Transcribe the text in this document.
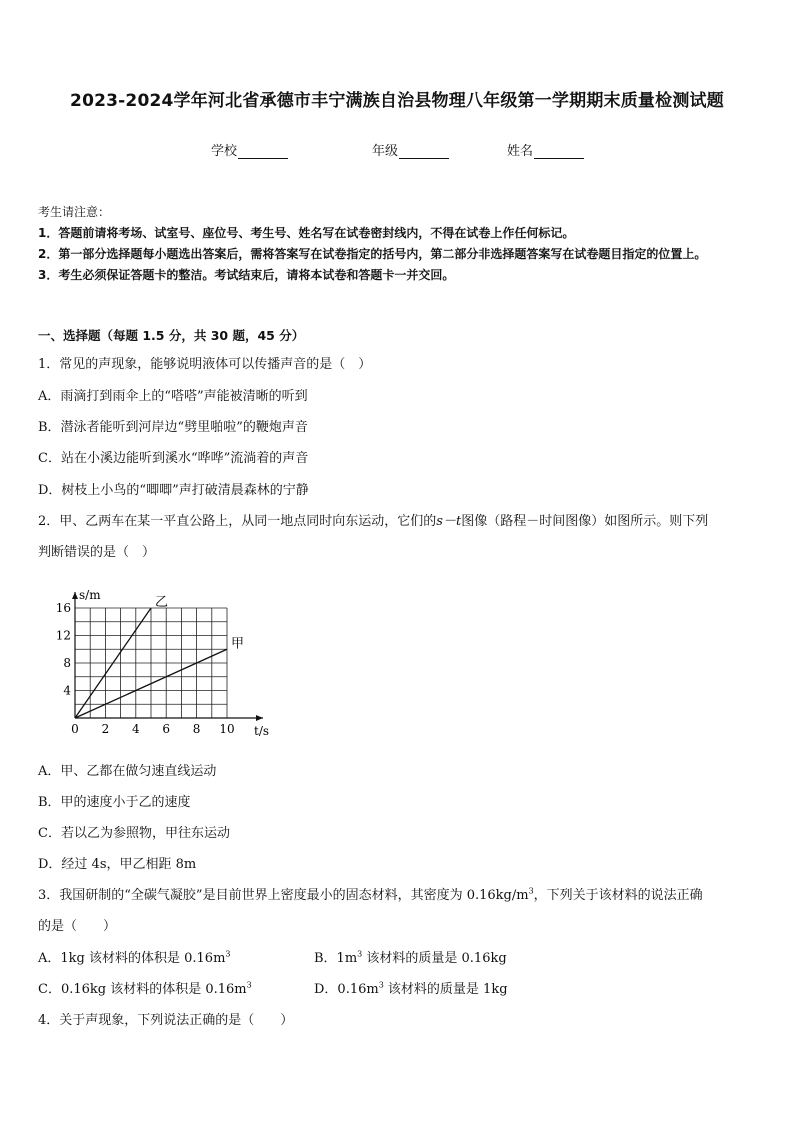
2023-2024学年河北省承德市丰宁满族自治县物理八年级第一学期期末质量检测试题
学校	年级	姓名
考生请注意：
1．答题前请将考场、试室号、座位号、考生号、姓名写在试卷密封线内，不得在试卷上作任何标记。
2．第一部分选择题每小题选出答案后，需将答案写在试卷指定的括号内，第二部分非选择题答案写在试卷题目指定的位置上。
3．考生必须保证答题卡的整洁。考试结束后，请将本试卷和答题卡一并交回。
一、选择题（每题 1.5 分，共 30 题，45 分）
1．常见的声现象，能够说明液体可以传播声音的是（　）
A．雨滴打到雨伞上的“嗒嗒”声能被清晰的听到
B．潜泳者能听到河岸边“劈里啪啦”的鞭炮声音
C．站在小溪边能听到溪水“哗哗”流淌着的声音
D．树枝上小鸟的“唧唧”声打破清晨森林的宁静
2．甲、乙两车在某一平直公路上，从同一地点同时向东运动，它们的s－t图像（路程－时间图像）如图所示。则下列
判断错误的是（　）
t/s
s/m
0 2 4 6 8 10
4
8
12
16	乙
甲
A．甲、乙都在做匀速直线运动
B．甲的速度小于乙的速度
C．若以乙为参照物，甲往东运动
D．经过 4s，甲乙相距 8m
3．我国研制的“全碳气凝胶”是目前世界上密度最小的固态材料，其密度为 $0.16kg/m^3$，下列关于该材料的说法正确
的是（　　）
A．1kg 该材料的体积是 $0.16m^3$	B．$1m^3$ 该材料的质量是 0.16kg
C．0.16kg 该材料的体积是 $0.16m^3$	D．$0.16m^3$ 该材料的质量是 1kg
4．关于声现象，下列说法正确的是（　　）
